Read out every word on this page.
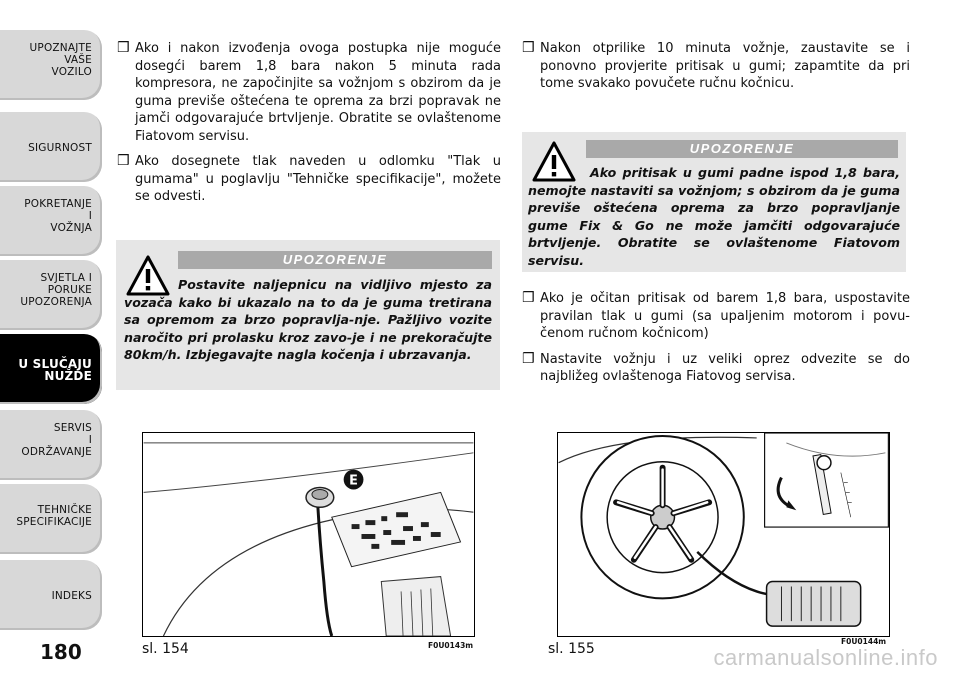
UPOZNAJTE
VAŠE
VOZILO
SIGURNOST
POKRETANJE
I
VOŽNJA
SVJETLA I
PORUKE
UPOZORENJA
U SLUČAJU
NUŽDE
SERVIS
I
ODRŽAVANJE
TEHNIČKE
SPECIFIKACIJE
INDEKS
180
❒ Ako i nakon izvođenja ovoga postupka nije moguće dosegći barem 1,8 bara nakon 5 minuta rada kompresora, ne započinjite sa vožnjom s obzirom da je guma previše oštećena te oprema za brzi popravak ne jamči odgovarajuće brtvljenje. Obratite se ovlaštenome Fiatovom servisu.
❒ Ako dosegnete tlak naveden u odlomku "Tlak u gumama" u poglavlju "Tehničke specifikacije", možete se odvesti.
UPOZORENJE
Postavite naljepnicu na vidljivo mjesto za vozača kako bi ukazalo na to da je guma tretirana sa opremom za brzo popravlja-nje. Pažljivo vozite naročito pri prolasku kroz zavo-je i ne prekoračujte 80km/h. Izbjegavajte nagla kočenja i ubrzavanja.
❒ Nakon otprilike 10 minuta vožnje, zaustavite se i ponovno provjerite pritisak u gumi; zapamtite da pri tome svakako povučete ručnu kočnicu.
UPOZORENJE
Ako pritisak u gumi padne ispod 1,8 bara, nemojte nastaviti sa vožnjom; s obzirom da je guma previše oštećena oprema za brzo popravljanje gume Fix & Go ne može jamčiti odgovarajuće brtvljenje. Obratite se ovlaštenome Fiatovom servisu.
❒ Ako je očitan pritisak od barem 1,8 bara, uspostavite pravilan tlak u gumi (sa upaljenim motorom i povu-čenom ručnom kočnicom)
❒ Nastavite vožnju i uz veliki oprez odvezite se do najbližeg ovlaštenoga Fiatovog servisa.
E
sl. 154	F0U0143m	sl. 155	F0U0144m
carmanualsonline.info
